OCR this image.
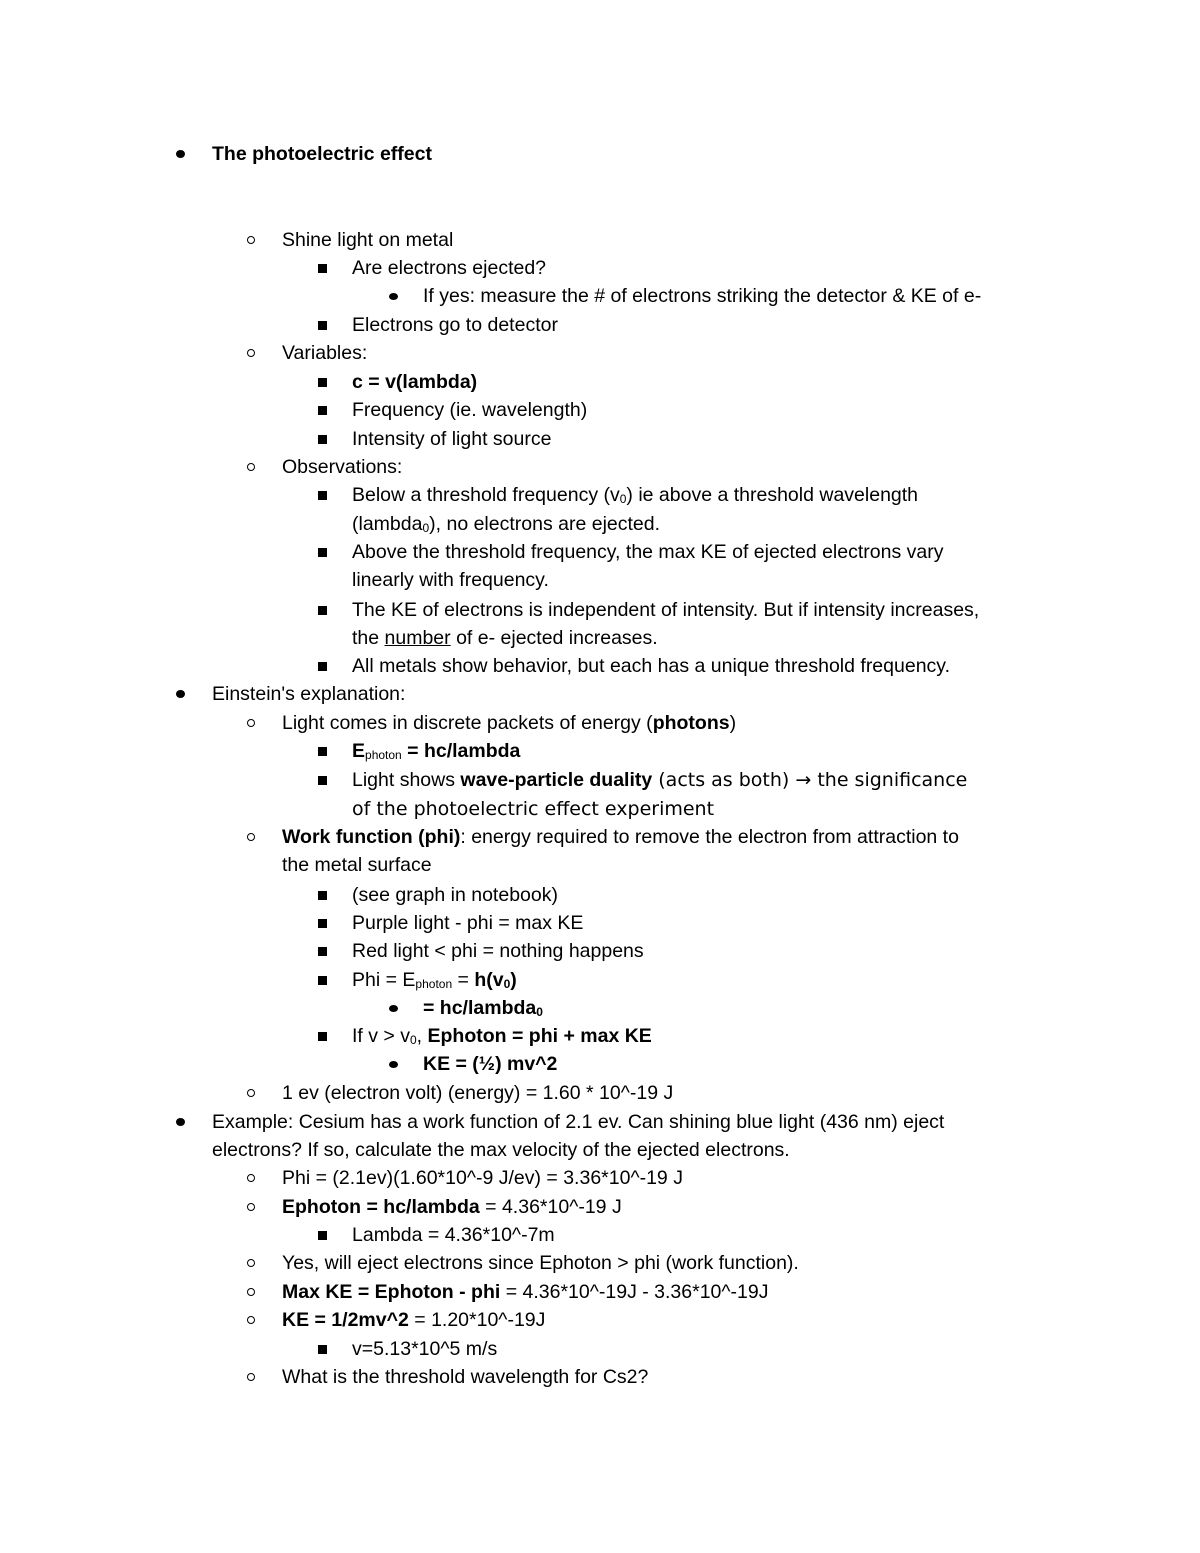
The photoelectric effect
Shine light on metal
Are electrons ejected?
If yes: measure the # of electrons striking the detector & KE of e-
Electrons go to detector
Variables:
c = v(lambda)
Frequency (ie. wavelength)
Intensity of light source
Observations:
Below a threshold frequency (v0) ie above a threshold wavelength
(lambda0), no electrons are ejected.
Above the threshold frequency, the max KE of ejected electrons vary
linearly with frequency.
The KE of electrons is independent of intensity. But if intensity increases,
the number of e- ejected increases.
All metals show behavior, but each has a unique threshold frequency.
Einstein's explanation:
Light comes in discrete packets of energy (photons)
Ephoton = hc/lambda
Light shows wave-particle duality (acts as both) → the significance
of the photoelectric effect experiment
Work function (phi): energy required to remove the electron from attraction to
the metal surface
(see graph in notebook)
Purple light - phi = max KE
Red light < phi = nothing happens
Phi = Ephoton = h(v0)
= hc/lambda0
If v > v0, Ephoton = phi + max KE
KE = (½) mv^2
1 ev (electron volt) (energy) = 1.60 * 10^-19 J
Example: Cesium has a work function of 2.1 ev. Can shining blue light (436 nm) eject
electrons? If so, calculate the max velocity of the ejected electrons.
Phi = (2.1ev)(1.60*10^-9 J/ev) = 3.36*10^-19 J
Ephoton = hc/lambda = 4.36*10^-19 J
Lambda = 4.36*10^-7m
Yes, will eject electrons since Ephoton > phi (work function).
Max KE = Ephoton - phi = 4.36*10^-19J - 3.36*10^-19J
KE = 1/2mv^2 = 1.20*10^-19J
v=5.13*10^5 m/s
What is the threshold wavelength for Cs2?
